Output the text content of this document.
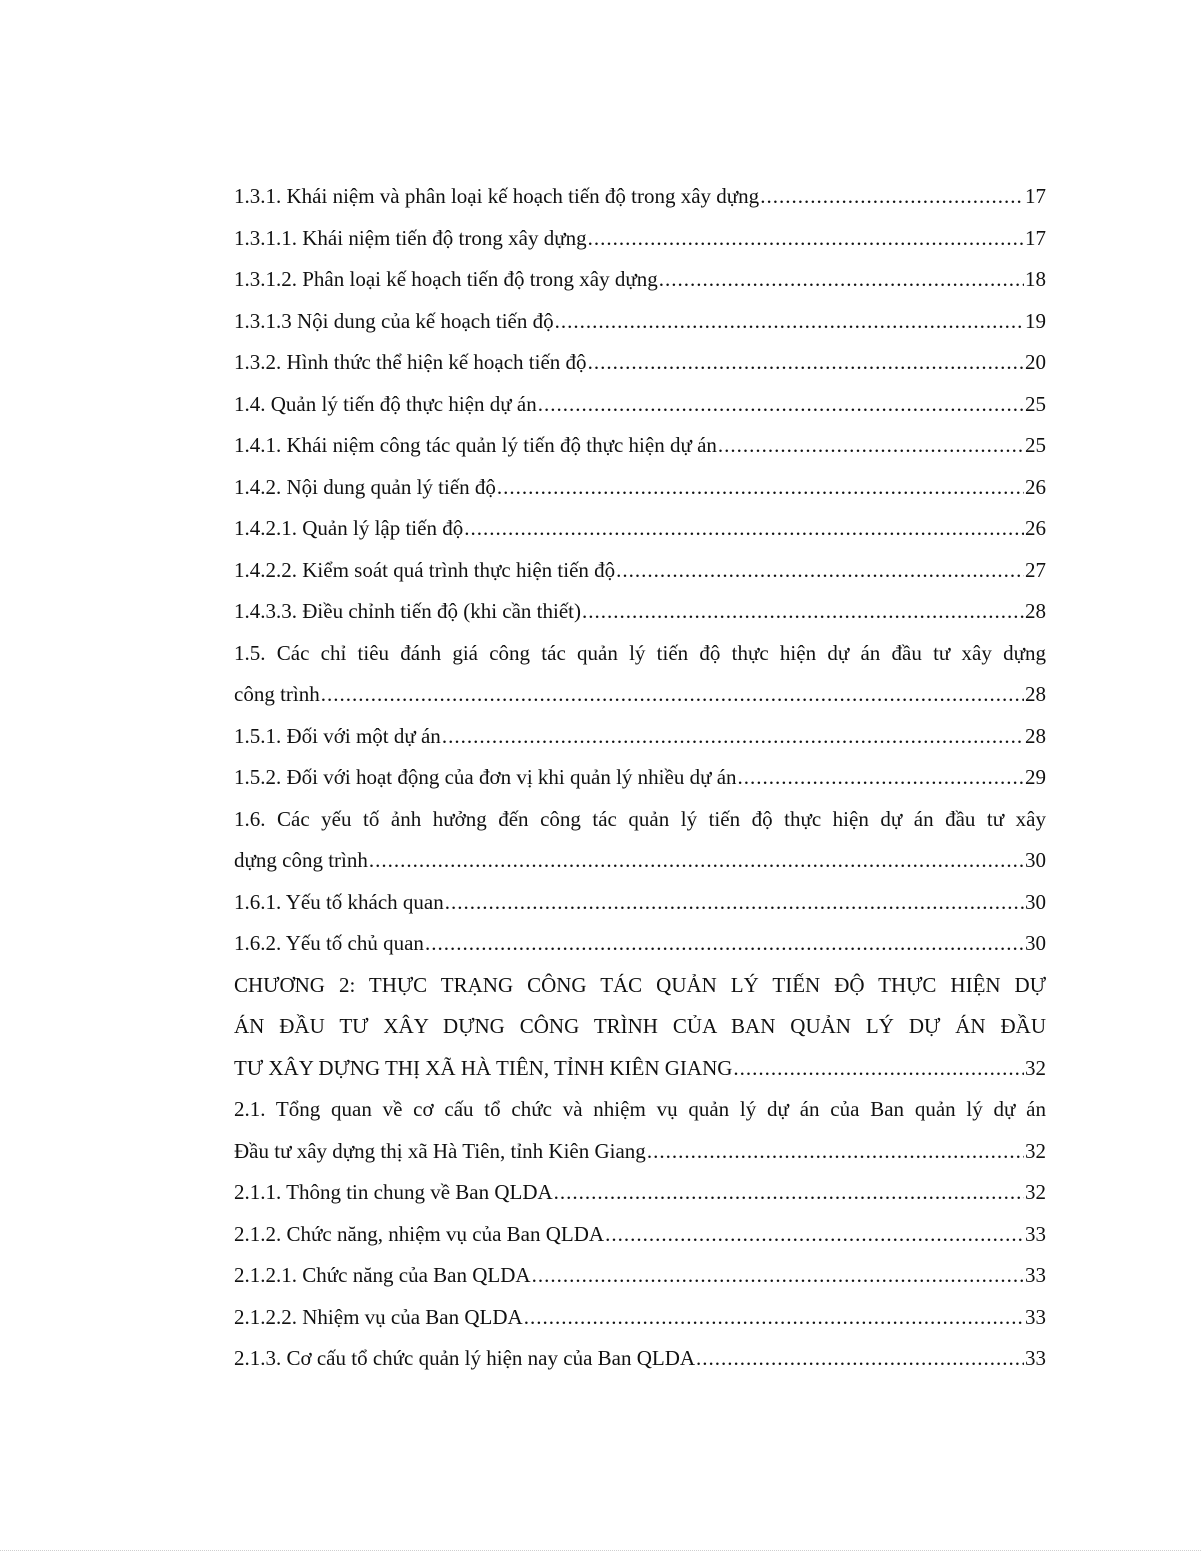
1.3.1. Khái niệm và phân loại kế hoạch tiến độ trong xây dựng .....	17
1.3.1.1. Khái niệm tiến độ trong xây dựng .....	17
1.3.1.2. Phân loại kế hoạch tiến độ trong xây dựng .....	18
1.3.1.3 Nội dung của kế hoạch tiến độ .....	19
1.3.2. Hình thức thể hiện kế hoạch tiến độ .....	20
1.4. Quản lý tiến độ thực hiện dự án .....	25
1.4.1. Khái niệm công tác quản lý tiến độ thực hiện dự án .....	25
1.4.2. Nội dung quản lý tiến độ .....	26
1.4.2.1. Quản lý lập tiến độ .....	26
1.4.2.2. Kiểm soát quá trình thực hiện tiến độ .....	27
1.4.3.3. Điều chỉnh tiến độ (khi cần thiết) .....	28
1.5. Các chỉ tiêu đánh giá công tác quản lý tiến độ thực hiện dự án đầu tư xây dựng
công trình .....	28
1.5.1. Đối với một dự án .....	28
1.5.2. Đối với hoạt động của đơn vị khi quản lý nhiều dự án .....	29
1.6. Các yếu tố ảnh hưởng đến công tác quản lý tiến độ thực hiện dự án đầu tư xây
dựng công trình .....	30
1.6.1. Yếu tố khách quan .....	30
1.6.2. Yếu tố chủ quan .....	30
CHƯƠNG 2: THỰC TRẠNG CÔNG TÁC QUẢN LÝ TIẾN ĐỘ THỰC HIỆN DỰ
ÁN ĐẦU TƯ XÂY DỰNG CÔNG TRÌNH CỦA BAN QUẢN LÝ DỰ ÁN ĐẦU
TƯ XÂY DỰNG THỊ XÃ HÀ TIÊN, TỈNH KIÊN GIANG .....	32
2.1. Tổng quan về cơ cấu tổ chức và nhiệm vụ quản lý dự án của Ban quản lý dự án
Đầu tư xây dựng thị xã Hà Tiên, tỉnh Kiên Giang .....	32
2.1.1. Thông tin chung về Ban QLDA .....	32
2.1.2. Chức năng, nhiệm vụ của Ban QLDA .....	33
2.1.2.1. Chức năng của Ban QLDA .....	33
2.1.2.2. Nhiệm vụ của Ban QLDA .....	33
2.1.3. Cơ cấu tổ chức quản lý hiện nay của Ban QLDA .....	33
